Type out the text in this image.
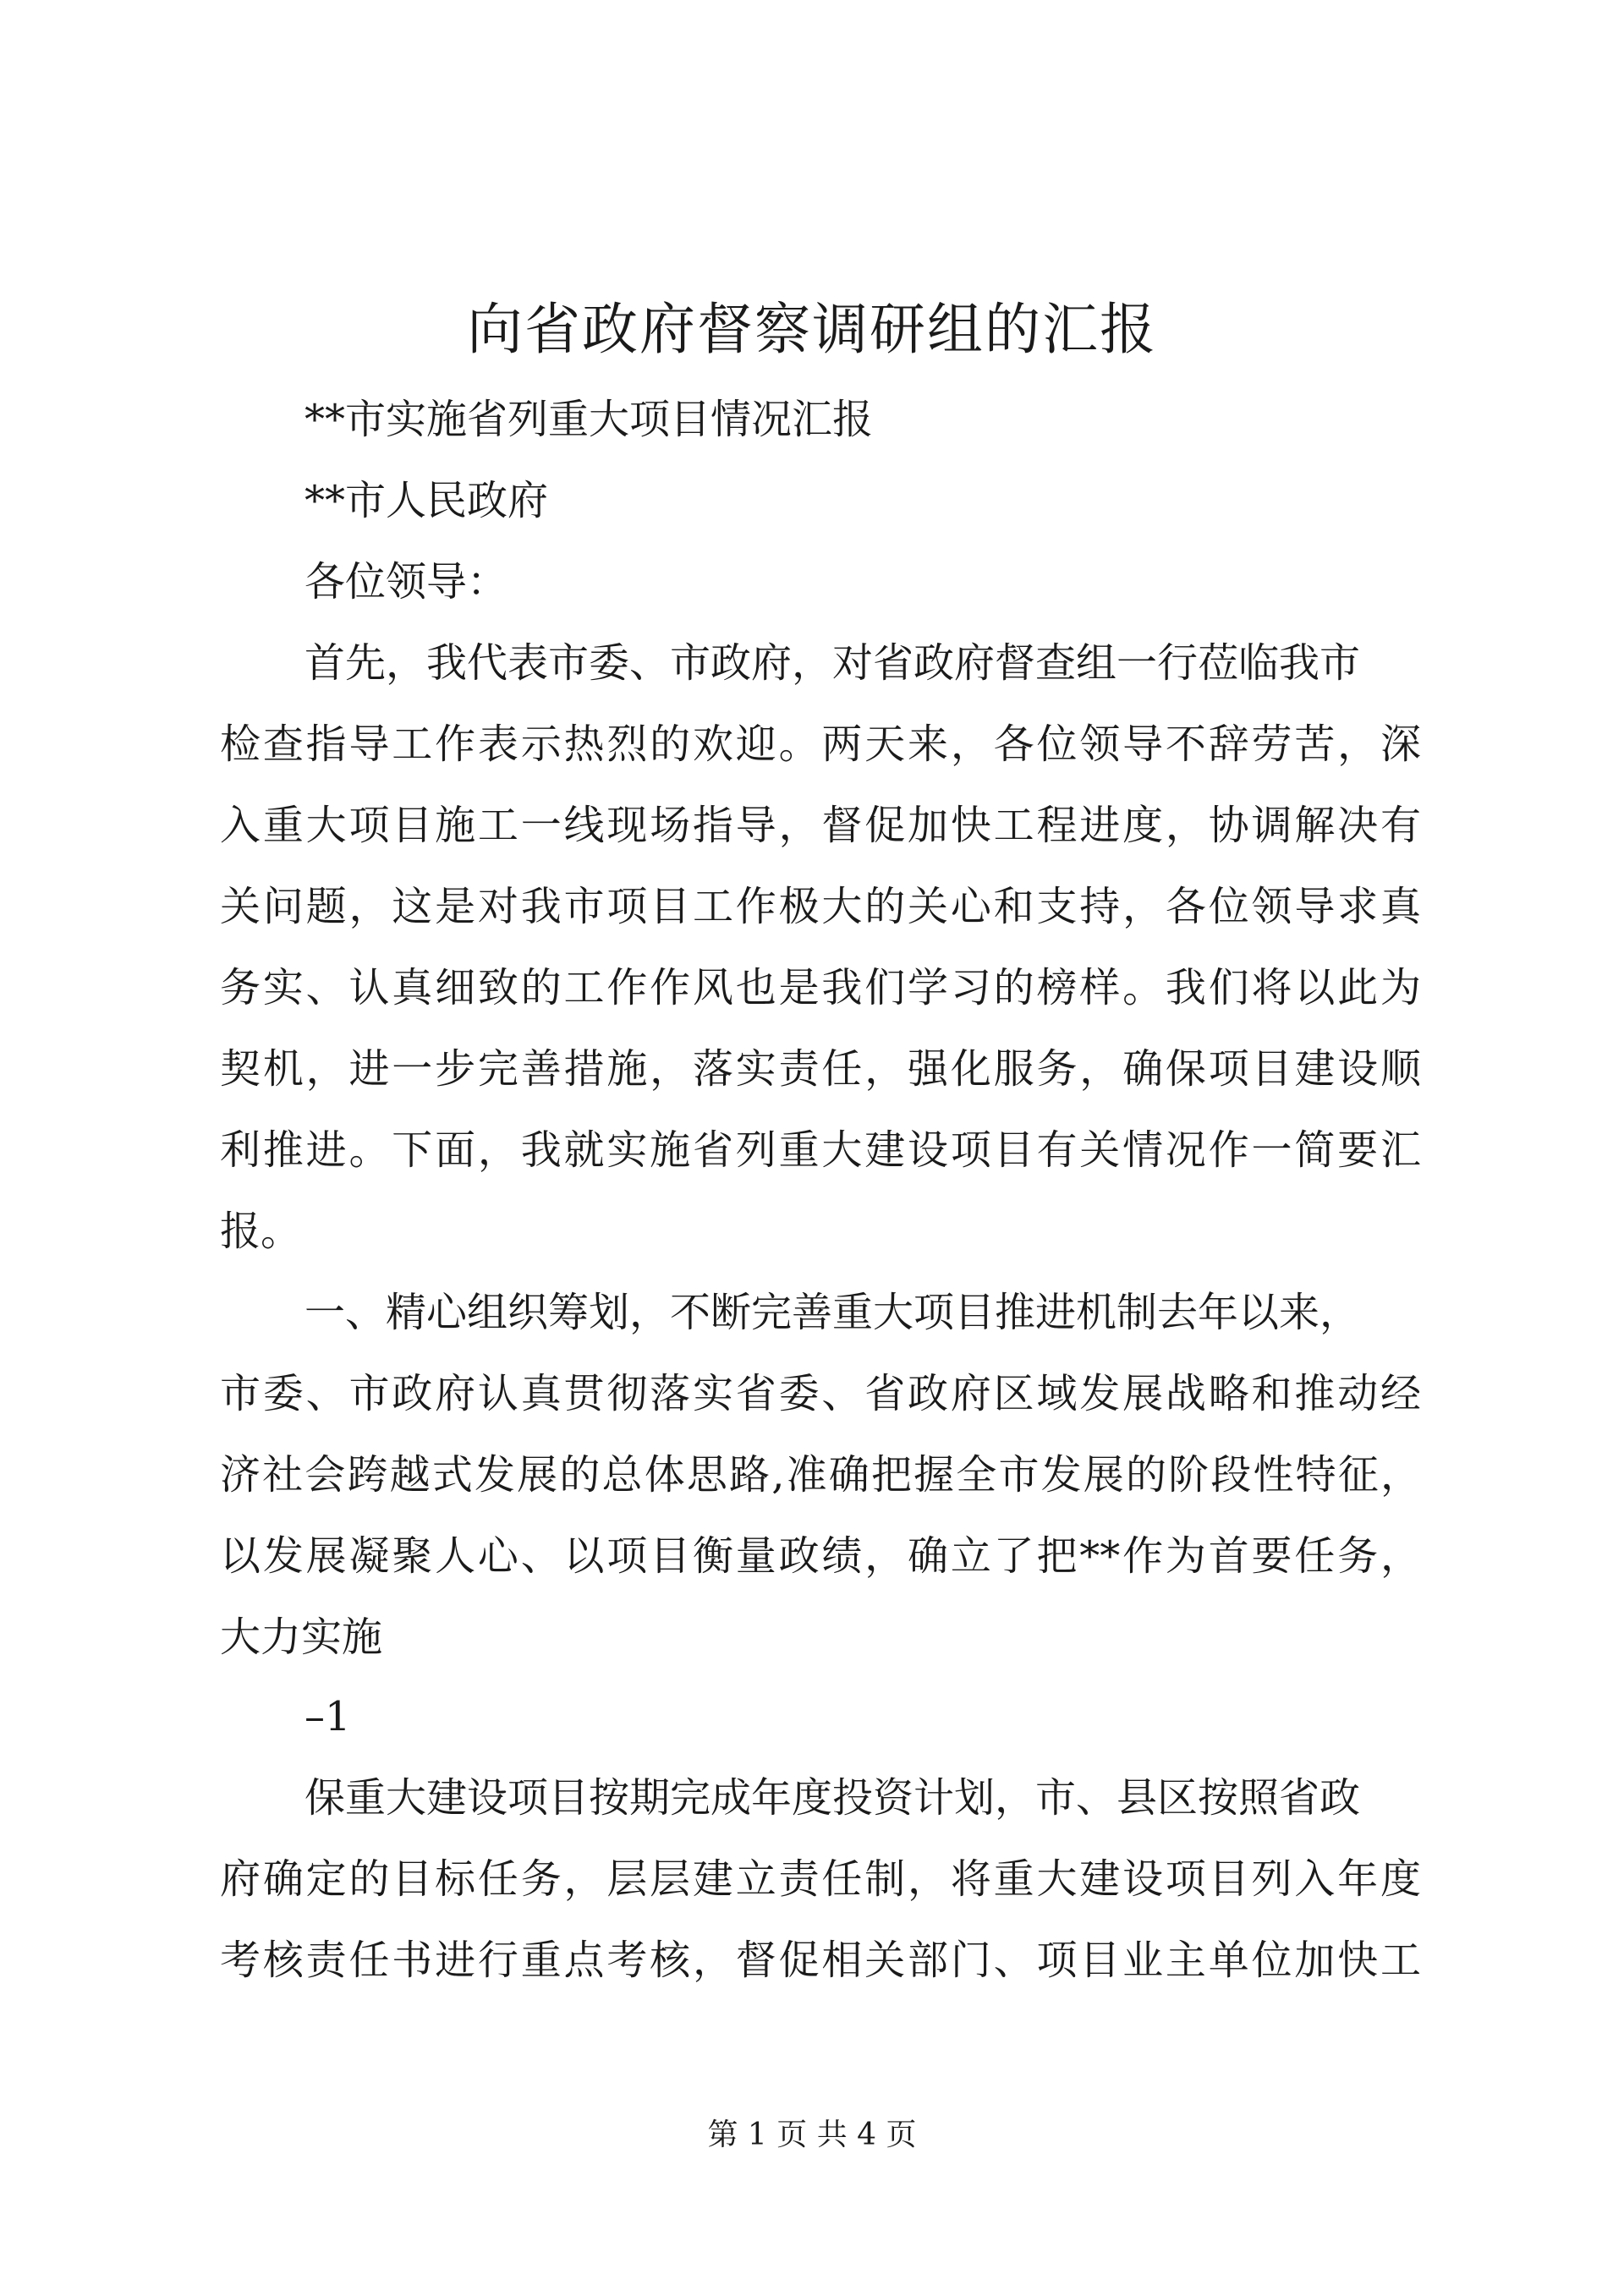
向省政府督察调研组的汇报

**市实施省列重大项目情况汇报

**市人民政府

各位领导：

首先，我代表市委、市政府，对省政府督查组一行莅临我市

检查指导工作表示热烈的欢迎。两天来，各位领导不辞劳苦，深

入重大项目施工一线现场指导，督促加快工程进度，协调解决有

关问题，这是对我市项目工作极大的关心和支持，各位领导求真

务实、认真细致的工作作风也是我们学习的榜样。我们将以此为

契机，进一步完善措施，落实责任，强化服务，确保项目建设顺

利推进。下面，我就实施省列重大建设项目有关情况作一简要汇

报。

一、精心组织筹划，不断完善重大项目推进机制去年以来，

市委、市政府认真贯彻落实省委、省政府区域发展战略和推动经

济社会跨越式发展的总体思路,准确把握全市发展的阶段性特征，

以发展凝聚人心、以项目衡量政绩，确立了把**作为首要任务，

大力实施

–1

保重大建设项目按期完成年度投资计划，市、县区按照省政

府确定的目标任务，层层建立责任制，将重大建设项目列入年度

考核责任书进行重点考核，督促相关部门、项目业主单位加快工

第 1 页 共 4 页
